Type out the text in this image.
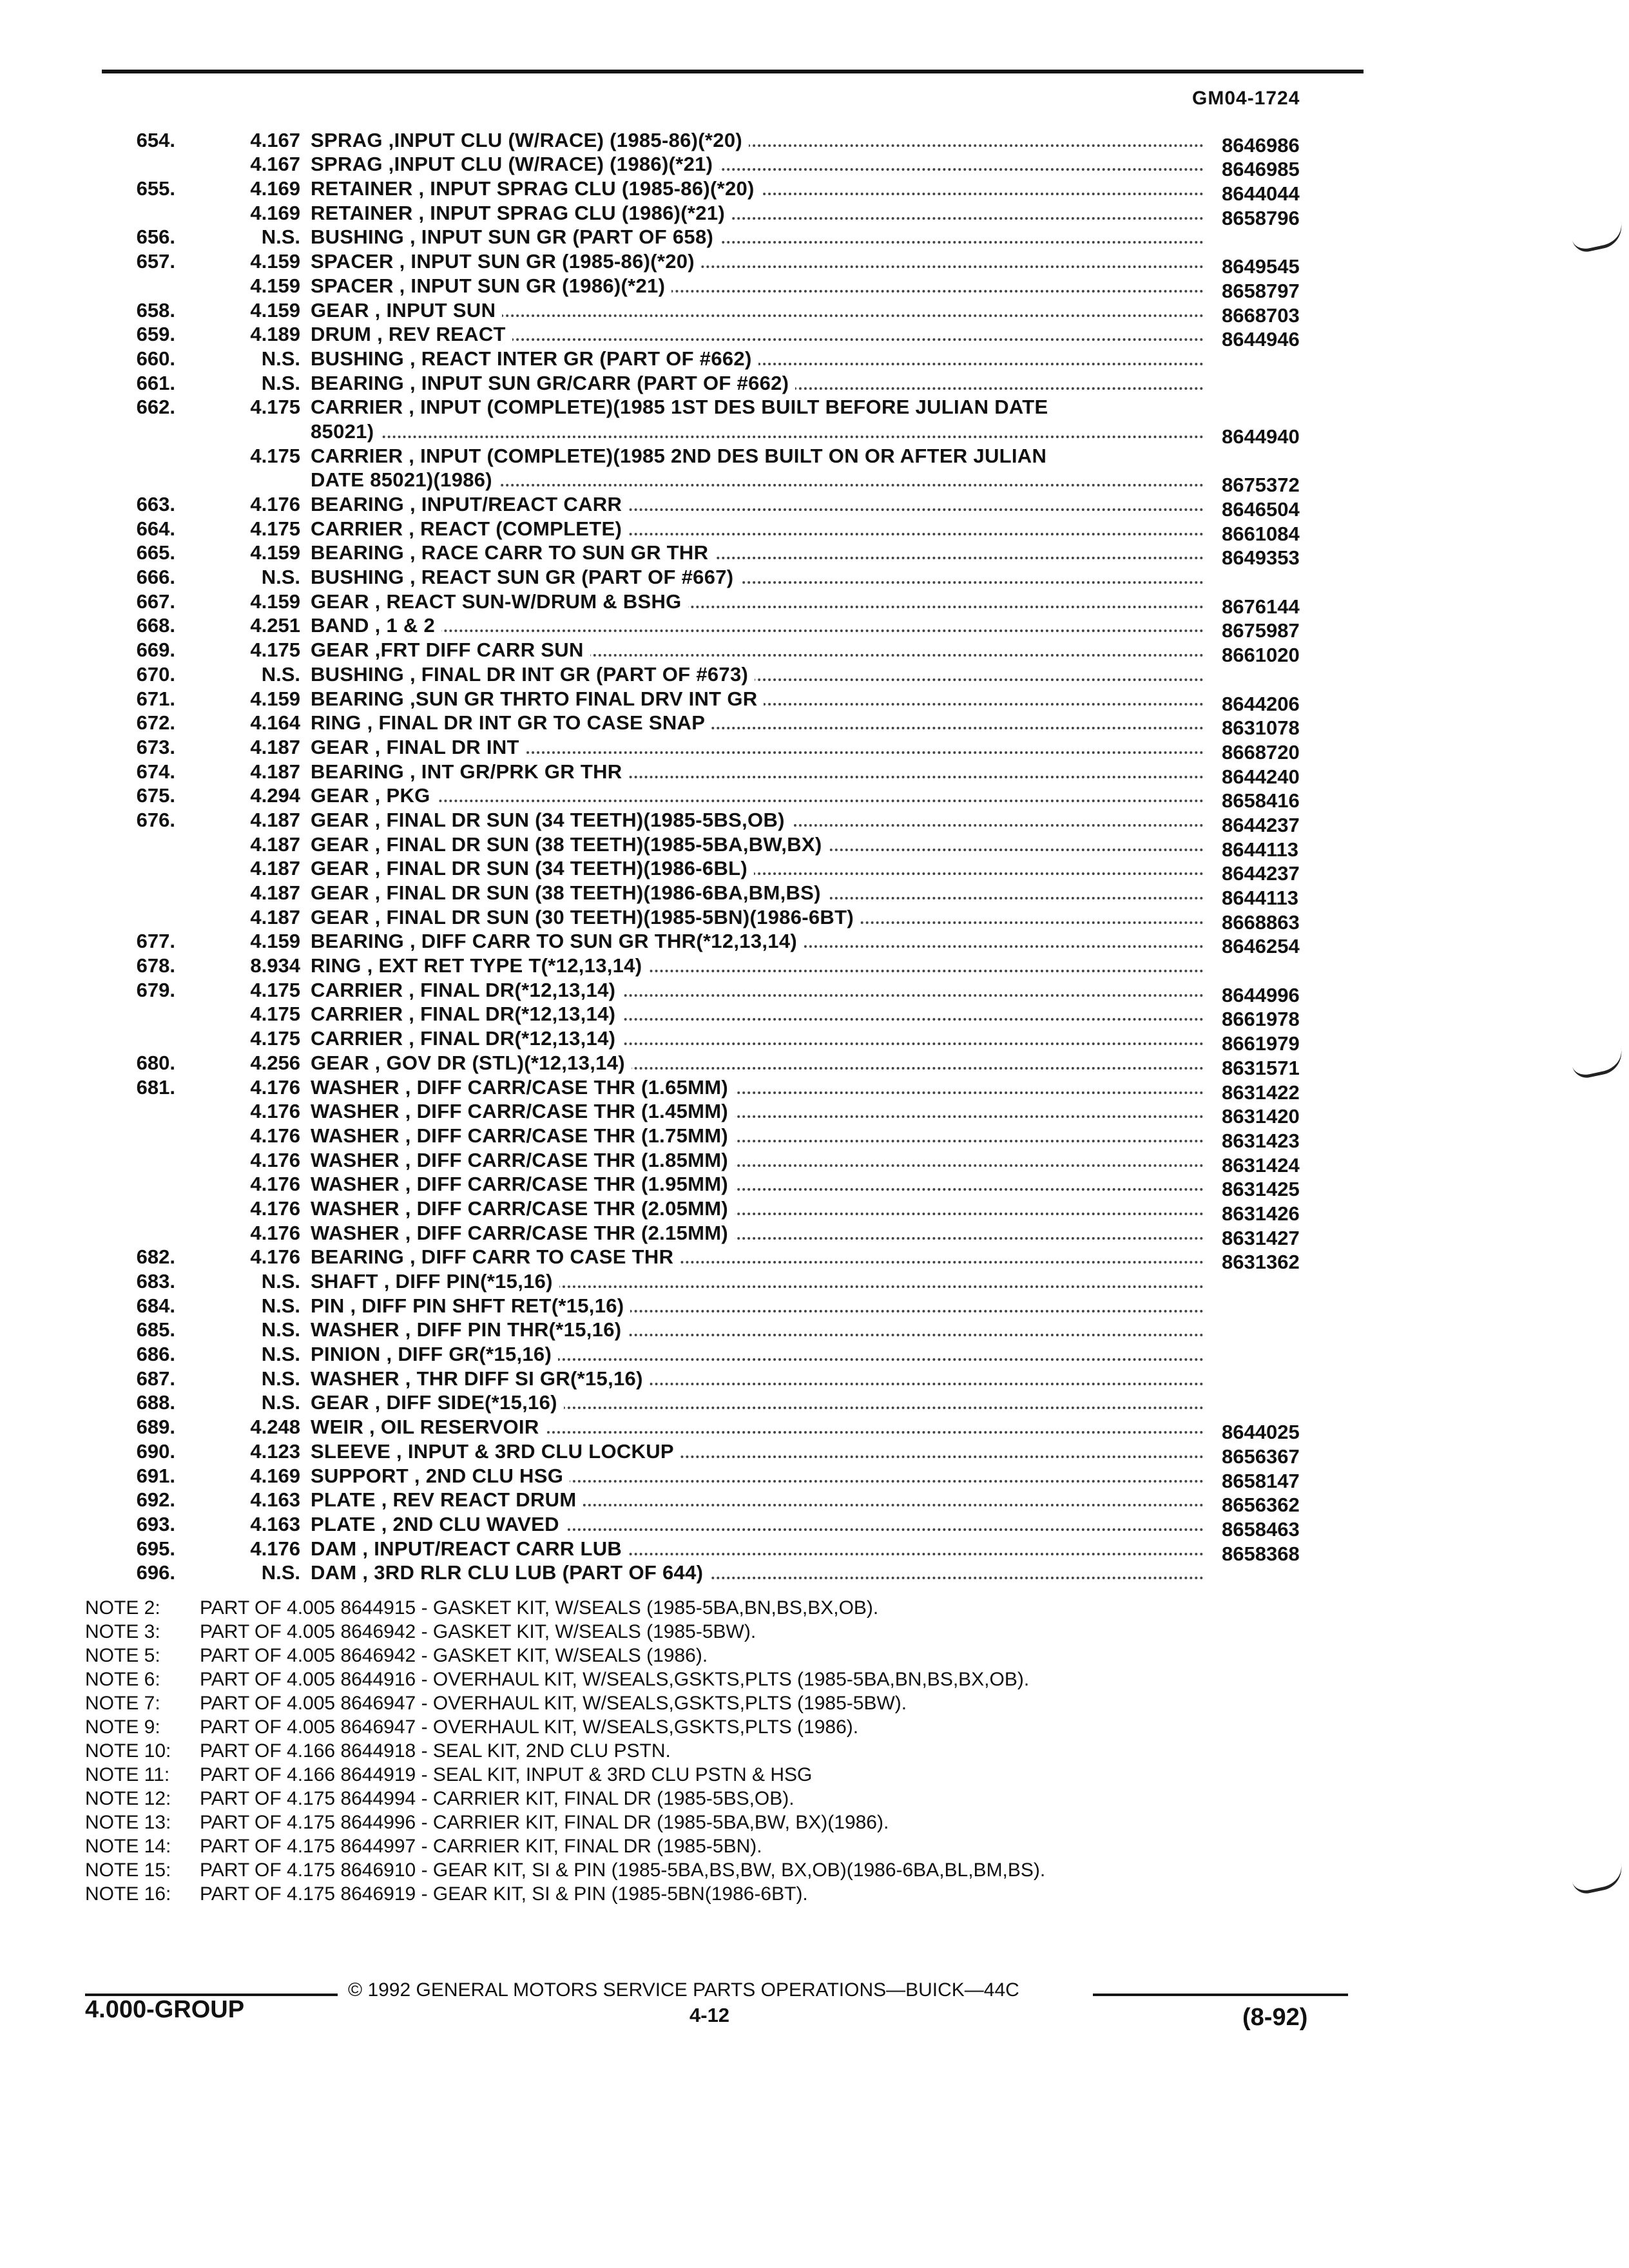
GM04-1724
654.	4.167 SPRAG ,INPUT CLU (W/RACE) (1985-86)(*20)	8646986
4.167 SPRAG ,INPUT CLU (W/RACE) (1986)(*21)	8646985
655.	4.169 RETAINER , INPUT SPRAG CLU (1985-86)(*20)	8644044
4.169 RETAINER , INPUT SPRAG CLU (1986)(*21)	8658796
656.	N.S. BUSHING , INPUT SUN GR (PART OF 658)
657.	4.159 SPACER , INPUT SUN GR (1985-86)(*20)	8649545
4.159 SPACER , INPUT SUN GR (1986)(*21)	8658797
658.	4.159 GEAR , INPUT SUN	8668703
659.	4.189 DRUM , REV REACT	8644946
660.	N.S. BUSHING , REACT INTER GR (PART OF #662)
661.	N.S. BEARING , INPUT SUN GR/CARR (PART OF #662)
662.	4.175 CARRIER , INPUT (COMPLETE)(1985 1ST DES BUILT BEFORE JULIAN DATE
85021)	8644940
4.175 CARRIER , INPUT (COMPLETE)(1985 2ND DES BUILT ON OR AFTER JULIAN
DATE 85021)(1986)	8675372
663.	4.176 BEARING , INPUT/REACT CARR	8646504
664.	4.175 CARRIER , REACT (COMPLETE)	8661084
665.	4.159 BEARING , RACE CARR TO SUN GR THR	8649353
666.	N.S. BUSHING , REACT SUN GR (PART OF #667)
667.	4.159 GEAR , REACT SUN-W/DRUM & BSHG	8676144
668.	4.251 BAND , 1 & 2	8675987
669.	4.175 GEAR ,FRT DIFF CARR SUN	8661020
670.	N.S. BUSHING , FINAL DR INT GR (PART OF #673)
671.	4.159 BEARING ,SUN GR THRTO FINAL DRV INT GR	8644206
672.	4.164 RING , FINAL DR INT GR TO CASE SNAP	8631078
673.	4.187 GEAR , FINAL DR INT	8668720
674.	4.187 BEARING , INT GR/PRK GR THR	8644240
675.	4.294 GEAR , PKG	8658416
676.	4.187 GEAR , FINAL DR SUN (34 TEETH)(1985-5BS,OB)	8644237
4.187 GEAR , FINAL DR SUN (38 TEETH)(1985-5BA,BW,BX)	8644113
4.187 GEAR , FINAL DR SUN (34 TEETH)(1986-6BL)	8644237
4.187 GEAR , FINAL DR SUN (38 TEETH)(1986-6BA,BM,BS)	8644113
4.187 GEAR , FINAL DR SUN (30 TEETH)(1985-5BN)(1986-6BT)	8668863
677.	4.159 BEARING , DIFF CARR TO SUN GR THR(*12,13,14)	8646254
678.	8.934 RING , EXT RET TYPE T(*12,13,14)
679.	4.175 CARRIER , FINAL DR(*12,13,14)	8644996
4.175 CARRIER , FINAL DR(*12,13,14)	8661978
4.175 CARRIER , FINAL DR(*12,13,14)	8661979
680.	4.256 GEAR , GOV DR (STL)(*12,13,14)	8631571
681.	4.176 WASHER , DIFF CARR/CASE THR (1.65MM)	8631422
4.176 WASHER , DIFF CARR/CASE THR (1.45MM)	8631420
4.176 WASHER , DIFF CARR/CASE THR (1.75MM)	8631423
4.176 WASHER , DIFF CARR/CASE THR (1.85MM)	8631424
4.176 WASHER , DIFF CARR/CASE THR (1.95MM)	8631425
4.176 WASHER , DIFF CARR/CASE THR (2.05MM)	8631426
4.176 WASHER , DIFF CARR/CASE THR (2.15MM)	8631427
682.	4.176 BEARING , DIFF CARR TO CASE THR	8631362
683.	N.S. SHAFT , DIFF PIN(*15,16)
684.	N.S. PIN , DIFF PIN SHFT RET(*15,16)
685.	N.S. WASHER , DIFF PIN THR(*15,16)
686.	N.S. PINION , DIFF GR(*15,16)
687.	N.S. WASHER , THR DIFF SI GR(*15,16)
688.	N.S. GEAR , DIFF SIDE(*15,16)
689.	4.248 WEIR , OIL RESERVOIR	8644025
690.	4.123 SLEEVE , INPUT & 3RD CLU LOCKUP	8656367
691.	4.169 SUPPORT , 2ND CLU HSG	8658147
692.	4.163 PLATE , REV REACT DRUM	8656362
693.	4.163 PLATE , 2ND CLU WAVED	8658463
695.	4.176 DAM , INPUT/REACT CARR LUB	8658368
696.	N.S. DAM , 3RD RLR CLU LUB (PART OF 644)
NOTE 2:	PART OF 4.005 8644915 - GASKET KIT, W/SEALS (1985-5BA,BN,BS,BX,OB).
NOTE 3:	PART OF 4.005 8646942 - GASKET KIT, W/SEALS (1985-5BW).
NOTE 5:	PART OF 4.005 8646942 - GASKET KIT, W/SEALS (1986).
NOTE 6:	PART OF 4.005 8644916 - OVERHAUL KIT, W/SEALS,GSKTS,PLTS (1985-5BA,BN,BS,BX,OB).
NOTE 7:	PART OF 4.005 8646947 - OVERHAUL KIT, W/SEALS,GSKTS,PLTS (1985-5BW).
NOTE 9:	PART OF 4.005 8646947 - OVERHAUL KIT, W/SEALS,GSKTS,PLTS (1986).
NOTE 10:	PART OF 4.166 8644918 - SEAL KIT, 2ND CLU PSTN.
NOTE 11:	PART OF 4.166 8644919 - SEAL KIT, INPUT & 3RD CLU PSTN & HSG
NOTE 12:	PART OF 4.175 8644994 - CARRIER KIT, FINAL DR (1985-5BS,OB).
NOTE 13:	PART OF 4.175 8644996 - CARRIER KIT, FINAL DR (1985-5BA,BW, BX)(1986).
NOTE 14:	PART OF 4.175 8644997 - CARRIER KIT, FINAL DR (1985-5BN).
NOTE 15:	PART OF 4.175 8646910 - GEAR KIT, SI & PIN (1985-5BA,BS,BW, BX,OB)(1986-6BA,BL,BM,BS).
NOTE 16:	PART OF 4.175 8646919 - GEAR KIT, SI & PIN (1985-5BN(1986-6BT).
© 1992 GENERAL MOTORS SERVICE PARTS OPERATIONS—BUICK—44C
4.000-GROUP	4-12	(8-92)
